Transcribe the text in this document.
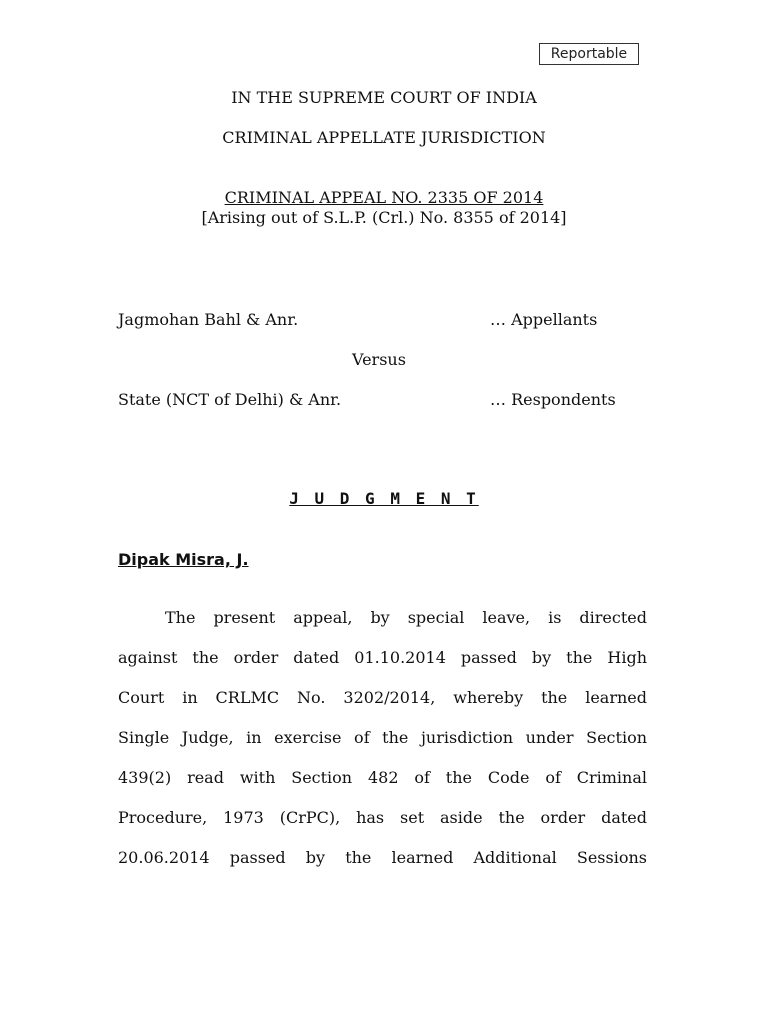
Reportable
IN THE SUPREME COURT OF INDIA
CRIMINAL APPELLATE JURISDICTION
CRIMINAL APPEAL NO. 2335 OF 2014
[Arising out of S.L.P. (Crl.) No. 8355 of 2014]
Jagmohan Bahl & Anr.	… Appellants
Versus
State (NCT of Delhi) & Anr.	… Respondents
J U D G M E N T
Dipak Misra, J.
The present appeal, by special leave, is directed
against the order dated 01.10.2014 passed by the High
Court in CRLMC No. 3202/2014, whereby the learned
Single Judge, in exercise of the jurisdiction under Section
439(2) read with Section 482 of the Code of Criminal
Procedure, 1973 (CrPC), has set aside the order dated
20.06.2014 passed by the learned Additional Sessions
